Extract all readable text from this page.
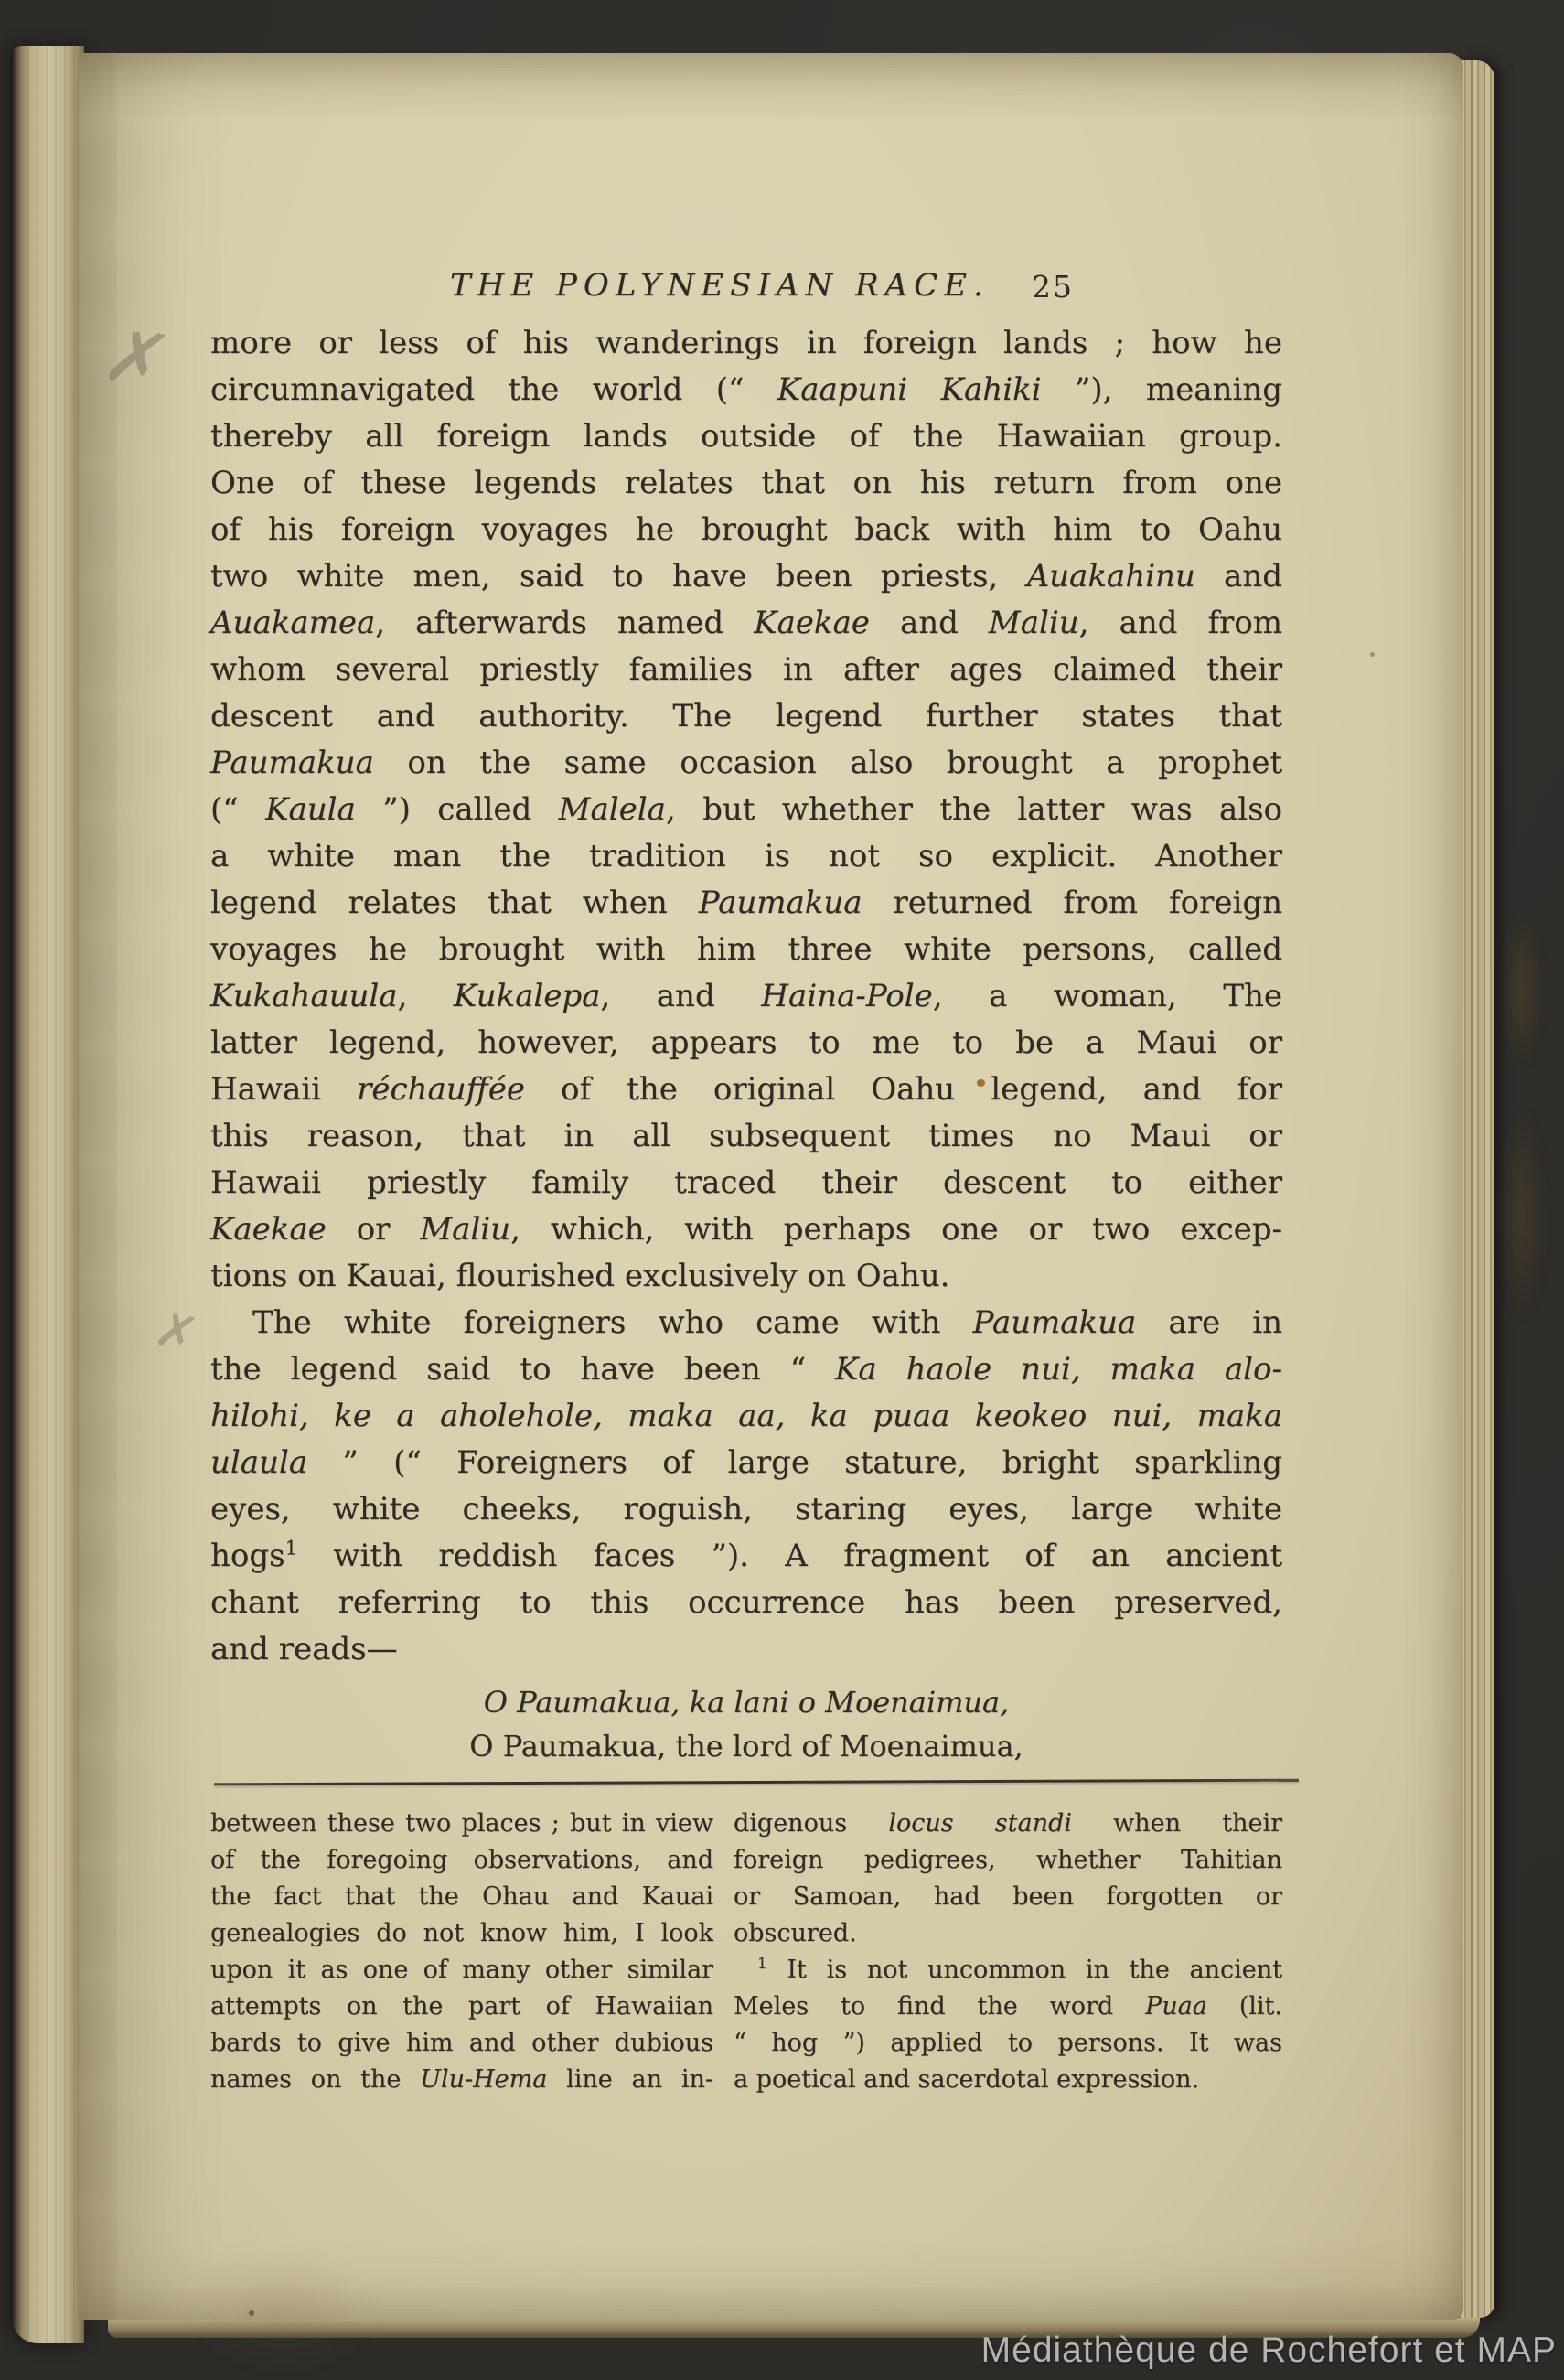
✗
✗
THE POLYNESIAN RACE. 25
more or less of his wanderings in foreign lands ; how he
circumnavigated the world (“ Kaapuni Kahiki ”), meaning
thereby all foreign lands outside of the Hawaiian group.
One of these legends relates that on his return from one
of his foreign voyages he brought back with him to Oahu
two white men, said to have been priests, Auakahinu and
Auakamea, afterwards named Kaekae and Maliu, and from
whom several priestly families in after ages claimed their
descent and authority. The legend further states that
Paumakua on the same occasion also brought a prophet
(“ Kaula ”) called Malela, but whether the latter was also
a white man the tradition is not so explicit. Another
legend relates that when Paumakua returned from foreign
voyages he brought with him three white persons, called
Kukahauula, Kukalepa, and Haina-Pole, a woman, The
latter legend, however, appears to me to be a Maui or
Hawaii réchauffée of the original Oahu legend, and for
this reason, that in all subsequent times no Maui or
Hawaii priestly family traced their descent to either
Kaekae or Maliu, which, with perhaps one or two excep-
tions on Kauai, flourished exclusively on Oahu.
The white foreigners who came with Paumakua are in
the legend said to have been “ Ka haole nui, maka alo-
hilohi, ke a aholehole, maka aa, ka puaa keokeo nui, maka
ulaula ” (“ Foreigners of large stature, bright sparkling
eyes, white cheeks, roguish, staring eyes, large white
hogs$^1$ with reddish faces ”). A fragment of an ancient
chant referring to this occurrence has been preserved,
and reads—
O Paumakua, ka lani o Moenaimua,
O Paumakua, the lord of Moenaimua,
between these two places ; but in view
of the foregoing observations, and
the fact that the Ohau and Kauai
genealogies do not know him, I look
upon it as one of many other similar
attempts on the part of Hawaiian
bards to give him and other dubious
names on the Ulu-Hema line an in-
digenous locus standi when their
foreign pedigrees, whether Tahitian
or Samoan, had been forgotten or
obscured.
$^1$ It is not uncommon in the ancient
Meles to find the word Puaa (lit.
“ hog ”) applied to persons. It was
a poetical and sacerdotal expression.
Médiathèque de Rochefort et MAP
